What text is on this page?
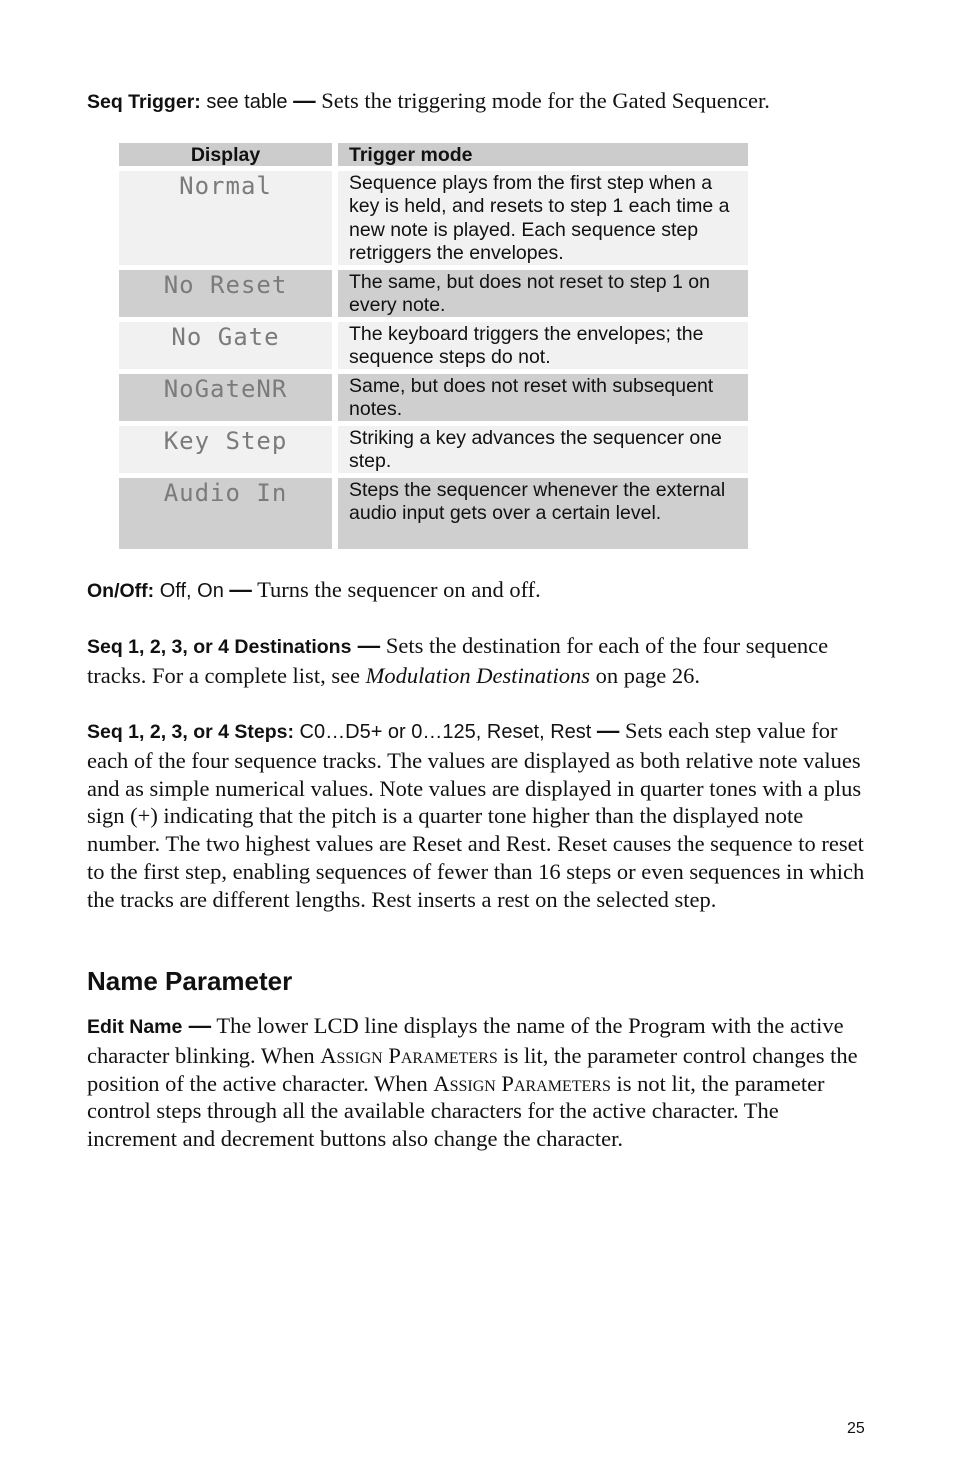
Seq Trigger: see table — Sets the triggering mode for the Gated Sequencer.

Display	Trigger mode
Normal	Sequence plays from the first step when a key is held, and resets to step 1 each time a new note is played. Each sequence step retriggers the envelopes.
No Reset	The same, but does not reset to step 1 on every note.
No Gate	The keyboard triggers the envelopes; the sequence steps do not.
NoGateNR	Same, but does not reset with subsequent notes.
Key Step	Striking a key advances the sequencer one step.
Audio In	Steps the sequencer whenever the external audio input gets over a certain level.

On/Off: Off, On — Turns the sequencer on and off.

Seq 1, 2, 3, or 4 Destinations — Sets the destination for each of the four sequence tracks. For a complete list, see Modulation Destinations on page 26.

Seq 1, 2, 3, or 4 Steps: C0…D5+ or 0…125, Reset, Rest — Sets each step value for each of the four sequence tracks. The values are displayed as both relative note values and as simple numerical values. Note values are displayed in quarter tones with a plus sign (+) indicating that the pitch is a quarter tone higher than the displayed note number. The two highest values are Reset and Rest. Reset causes the sequence to reset to the first step, enabling sequences of fewer than 16 steps or even sequences in which the tracks are different lengths. Rest inserts a rest on the selected step.

Name Parameter

Edit Name — The lower LCD line displays the name of the Program with the active character blinking. When Assign Parameters is lit, the parameter control changes the position of the active character. When Assign Parameters is not lit, the parameter control steps through all the available characters for the active character. The increment and decrement buttons also change the character.

25
